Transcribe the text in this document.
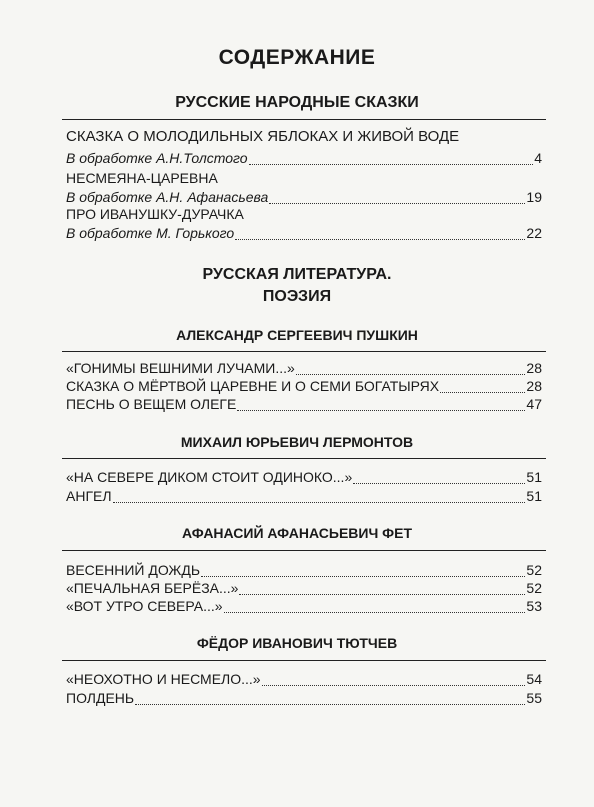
СОДЕРЖАНИЕ
РУССКИЕ НАРОДНЫЕ СКАЗКИ
СКАЗКА О МОЛОДИЛЬНЫХ ЯБЛОКАХ И ЖИВОЙ ВОДЕ
В обработке А.Н.Толстого	4
НЕСМЕЯНА-ЦАРЕВНА
В обработке А.Н. Афанасьева	19
ПРО ИВАНУШКУ-ДУРАЧКА
В обработке М. Горького	22
РУССКАЯ ЛИТЕРАТУРА.
ПОЭЗИЯ
АЛЕКСАНДР СЕРГЕЕВИЧ ПУШКИН
«ГОНИМЫ ВЕШНИМИ ЛУЧАМИ...»	28
СКАЗКА О МЁРТВОЙ ЦАРЕВНЕ И О СЕМИ БОГАТЫРЯХ	28
ПЕСНЬ О ВЕЩЕМ ОЛЕГЕ	47
МИХАИЛ ЮРЬЕВИЧ ЛЕРМОНТОВ
«НА СЕВЕРЕ ДИКОМ СТОИТ ОДИНОКО...»	51
АНГЕЛ	51
АФАНАСИЙ АФАНАСЬЕВИЧ ФЕТ
ВЕСЕННИЙ ДОЖДЬ	52
«ПЕЧАЛЬНАЯ БЕРЁЗА...»	52
«ВОТ УТРО СЕВЕРА...»	53
ФЁДОР ИВАНОВИЧ ТЮТЧЕВ
«НЕОХОТНО И НЕСМЕЛО...»	54
ПОЛДЕНЬ	55
